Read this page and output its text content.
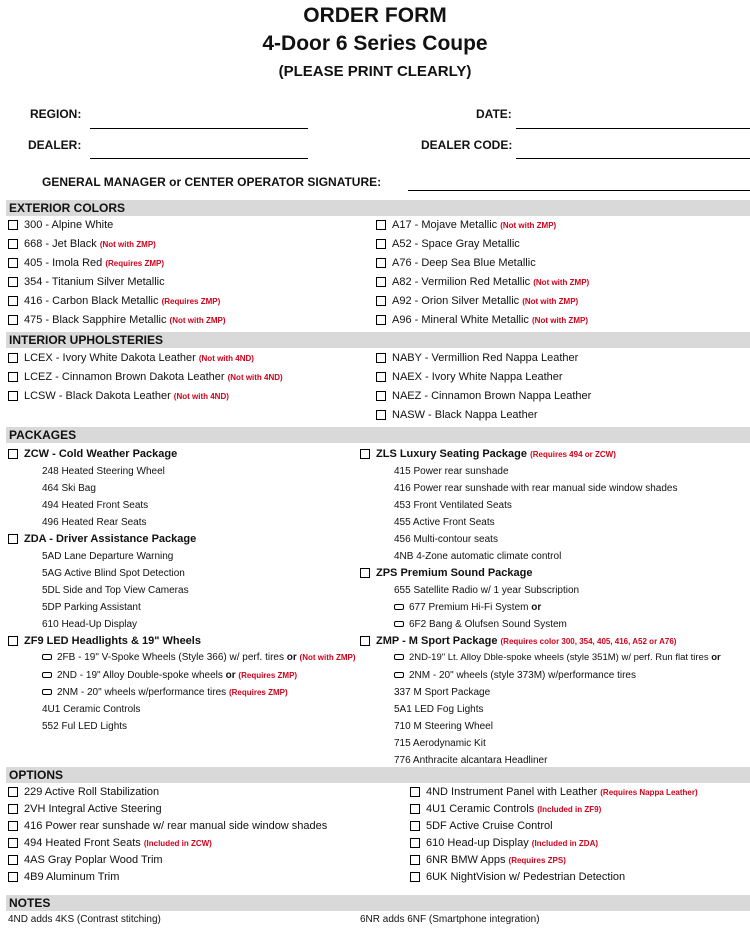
ORDER FORM
4-Door 6 Series Coupe
(PLEASE PRINT CLEARLY)
REGION:	DATE:
DEALER:	DEALER CODE:
GENERAL MANAGER or CENTER OPERATOR SIGNATURE:
EXTERIOR COLORS
300 - Alpine White
668 - Jet Black (Not with ZMP)
405 - Imola Red (Requires ZMP)
354 - Titanium Silver Metallic
416 - Carbon Black Metallic (Requires ZMP)
475 - Black Sapphire Metallic (Not with ZMP)
A17 - Mojave Metallic (Not with ZMP)
A52 - Space Gray Metallic
A76 - Deep Sea Blue Metallic
A82 - Vermilion Red Metallic (Not with ZMP)
A92 - Orion Silver Metallic (Not with ZMP)
A96 - Mineral White Metallic (Not with ZMP)
INTERIOR UPHOLSTERIES
LCEX - Ivory White Dakota Leather (Not with 4ND)
LCEZ - Cinnamon Brown Dakota Leather (Not with 4ND)
LCSW - Black Dakota Leather (Not with 4ND)
NABY - Vermillion Red Nappa Leather
NAEX - Ivory White Nappa Leather
NAEZ - Cinnamon Brown Nappa Leather
NASW - Black Nappa Leather
PACKAGES
ZCW - Cold Weather Package
248 Heated Steering Wheel
464 Ski Bag
494 Heated Front Seats
496 Heated Rear Seats
ZDA - Driver Assistance Package
5AD Lane Departure Warning
5AG Active Blind Spot Detection
5DL Side and Top View Cameras
5DP Parking Assistant
610 Head-Up Display
ZF9 LED Headlights & 19" Wheels
2FB - 19" V-Spoke Wheels (Style 366) w/ perf. tires or (Not with ZMP)
2ND - 19" Alloy Double-spoke wheels or (Requires ZMP)
2NM - 20" wheels w/performance tires (Requires ZMP)
4U1 Ceramic Controls
552 Ful LED Lights
ZLS Luxury Seating Package (Requires 494 or ZCW)
415 Power rear sunshade
416 Power rear sunshade with rear manual side window shades
453 Front Ventilated Seats
455 Active Front Seats
456 Multi-contour seats
4NB 4-Zone automatic climate control
ZPS Premium Sound Package
655 Satellite Radio w/ 1 year Subscription
677 Premium Hi-Fi System or
6F2 Bang & Olufsen Sound System
ZMP - M Sport Package (Requires color 300, 354, 405, 416, A52 or A76)
2ND-19" Lt. Alloy Dble-spoke wheels (style 351M) w/ perf. Run flat tires or
2NM - 20" wheels (style 373M) w/performance tires
337 M Sport Package
5A1 LED Fog Lights
710 M Steering Wheel
715 Aerodynamic Kit
776 Anthracite alcantara Headliner
OPTIONS
229 Active Roll Stabilization
2VH Integral Active Steering
416 Power rear sunshade w/ rear manual side window shades
494 Heated Front Seats (Included in ZCW)
4AS Gray Poplar Wood Trim
4B9 Aluminum Trim
4ND Instrument Panel with Leather (Requires Nappa Leather)
4U1 Ceramic Controls (Included in ZF9)
5DF Active Cruise Control
610 Head-up Display (Included in ZDA)
6NR BMW Apps (Requires ZPS)
6UK NightVision w/ Pedestrian Detection
NOTES
4ND adds 4KS (Contrast stitching)	6NR adds 6NF (Smartphone integration)
